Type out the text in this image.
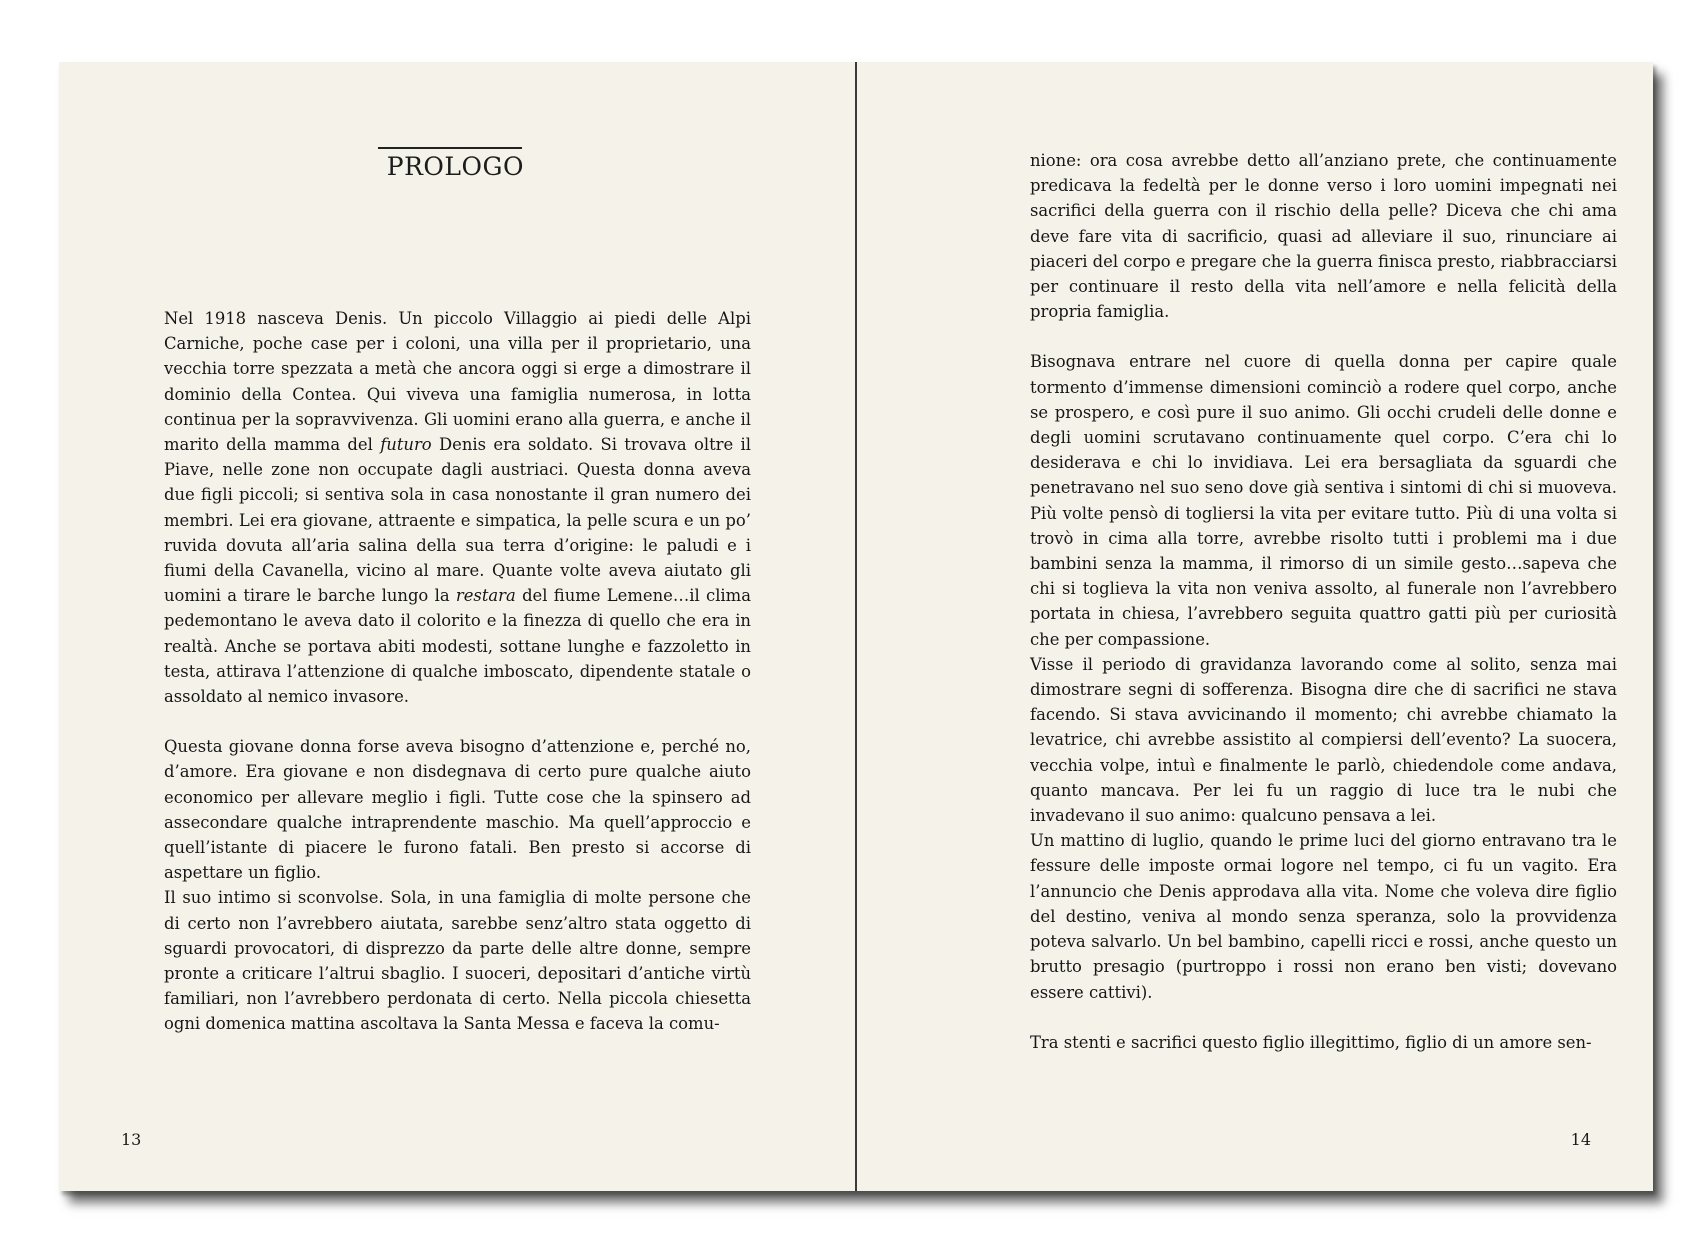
PROLOGO

Nel 1918 nasceva Denis. Un piccolo Villaggio ai piedi delle Alpi Carniche, poche case per i coloni, una villa per il proprietario, una vecchia torre spezzata a metà che ancora oggi si erge a dimostrare il dominio della Contea. Qui viveva una famiglia numerosa, in lotta continua per la sopravvivenza. Gli uomini erano alla guerra, e anche il marito della mamma del futuro Denis era soldato. Si trovava oltre il Piave, nelle zone non occupate dagli austriaci. Questa donna aveva due figli piccoli; si sentiva sola in casa nonostante il gran numero dei membri. Lei era giovane, attraente e simpatica, la pelle scura e un po’ ruvida dovuta all’aria salina della sua terra d’origine: le paludi e i fiumi della Cavanella, vicino al mare. Quante volte aveva aiutato gli uomini a tirare le barche lungo la restara del fiume Lemene…il clima pedemontano le aveva dato il colorito e la finezza di quello che era in realtà. Anche se portava abiti modesti, sottane lunghe e fazzoletto in testa, attirava l’attenzione di qualche imboscato, dipendente statale o assoldato al nemico invasore.

Questa giovane donna forse aveva bisogno d’attenzione e, perché no, d’amore. Era giovane e non disdegnava di certo pure qualche aiuto economico per allevare meglio i figli. Tutte cose che la spinsero ad assecondare qualche intraprendente maschio. Ma quell’approccio e quell’istante di piacere le furono fatali. Ben presto si accorse di aspettare un figlio.

Il suo intimo si sconvolse. Sola, in una famiglia di molte persone che di certo non l’avrebbero aiutata, sarebbe senz’altro stata oggetto di sguardi provocatori, di disprezzo da parte delle altre donne, sempre pronte a criticare l’altrui sbaglio. I suoceri, depositari d’antiche virtù familiari, non l’avrebbero perdonata di certo. Nella piccola chiesetta ogni domenica mattina ascoltava la Santa Messa e faceva la comu-

13

nione: ora cosa avrebbe detto all’anziano prete, che continuamente predicava la fedeltà per le donne verso i loro uomini impegnati nei sacrifici della guerra con il rischio della pelle? Diceva che chi ama deve fare vita di sacrificio, quasi ad alleviare il suo, rinunciare ai piaceri del corpo e pregare che la guerra finisca presto, riabbracciarsi per continuare il resto della vita nell’amore e nella felicità della propria famiglia.

Bisognava entrare nel cuore di quella donna per capire quale tormento d’immense dimensioni cominciò a rodere quel corpo, anche se prospero, e così pure il suo animo. Gli occhi crudeli delle donne e degli uomini scrutavano continuamente quel corpo. C’era chi lo desiderava e chi lo invidiava. Lei era bersagliata da sguardi che penetravano nel suo seno dove già sentiva i sintomi di chi si muoveva. Più volte pensò di togliersi la vita per evitare tutto. Più di una volta si trovò in cima alla torre, avrebbe risolto tutti i problemi ma i due bambini senza la mamma, il rimorso di un simile gesto…sapeva che chi si toglieva la vita non veniva assolto, al funerale non l’avrebbero portata in chiesa, l’avrebbero seguita quattro gatti più per curiosità che per compassione.

Visse il periodo di gravidanza lavorando come al solito, senza mai dimostrare segni di sofferenza. Bisogna dire che di sacrifici ne stava facendo. Si stava avvicinando il momento; chi avrebbe chiamato la levatrice, chi avrebbe assistito al compiersi dell’evento? La suocera, vecchia volpe, intuì e finalmente le parlò, chiedendole come andava, quanto mancava. Per lei fu un raggio di luce tra le nubi che invadevano il suo animo: qualcuno pensava a lei.

Un mattino di luglio, quando le prime luci del giorno entravano tra le fessure delle imposte ormai logore nel tempo, ci fu un vagito. Era l’annuncio che Denis approdava alla vita. Nome che voleva dire figlio del destino, veniva al mondo senza speranza, solo la provvidenza poteva salvarlo. Un bel bambino, capelli ricci e rossi, anche questo un brutto presagio (purtroppo i rossi non erano ben visti; dovevano essere cattivi).

Tra stenti e sacrifici questo figlio illegittimo, figlio di un amore sen-

14
